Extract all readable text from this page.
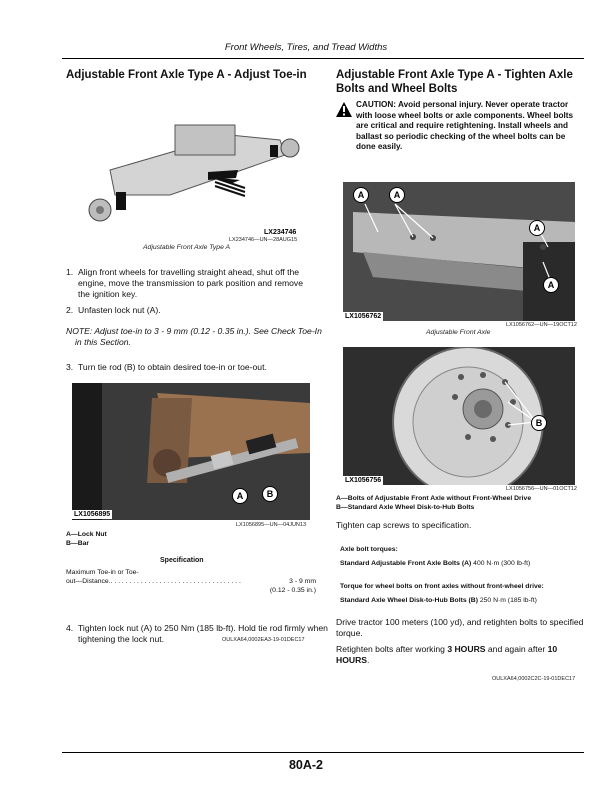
Front Wheels, Tires, and Tread Widths
Adjustable Front Axle Type A - Adjust Toe-in
LX234746
LX234746—UN—28AUG15
Adjustable Front Axle Type A
1. Align front wheels for travelling straight ahead, shut off the engine, move the transmission to park position and remove the ignition key.
2. Unfasten lock nut (A).
NOTE: Adjust toe-in to 3 - 9 mm (0.12 - 0.35 in.). See Check Toe-In in this Section.
3. Turn tie rod (B) to obtain desired toe-in or toe-out.
A	B
LX1056895
LX1056895—UN—04JUN13
A—Lock Nut
B—Bar
Specification
Maximum Toe-in or Toe-
out—Distance. . . . . . . . . . . . . . . . . . . . . . . . . . . . . . . . . . . .	3 - 9 mm
(0.12 - 0.35 in.)
4. Tighten lock nut (A) to 250 Nm (185 lb-ft). Hold tie rod firmly when tightening the lock nut.	OULXA64,0002EA3-19-01DEC17
Adjustable Front Axle Type A - Tighten Axle Bolts and Wheel Bolts
CAUTION: Avoid personal injury. Never operate tractor with loose wheel bolts or axle components. Wheel bolts are critical and require retightening. Install wheels and ballast so periodic checking of the wheel bolts can be done easily.
A	A
A
A
LX1056762
LX1056762—UN—19OCT12
Adjustable Front Axle
B
LX1056756
LX1056756—UN—01OCT12
A—Bolts of Adjustable Front Axle without Front-Wheel Drive
B—Standard Axle Wheel Disk-to-Hub Bolts
Tighten cap screws to specification.
Axle bolt torques:
Standard Adjustable Front Axle Bolts (A) 400 N·m (300 lb-ft)
Torque for wheel bolts on front axles without front-wheel drive:
Standard Axle Wheel Disk-to-Hub Bolts (B) 250 N·m (185 lb-ft)
Drive tractor 100 meters (100 yd), and retighten bolts to specified torque.
Retighten bolts after working 3 HOURS and again after 10 HOURS.
OULXA64,0002C2C-19-01DEC17
80A-2
